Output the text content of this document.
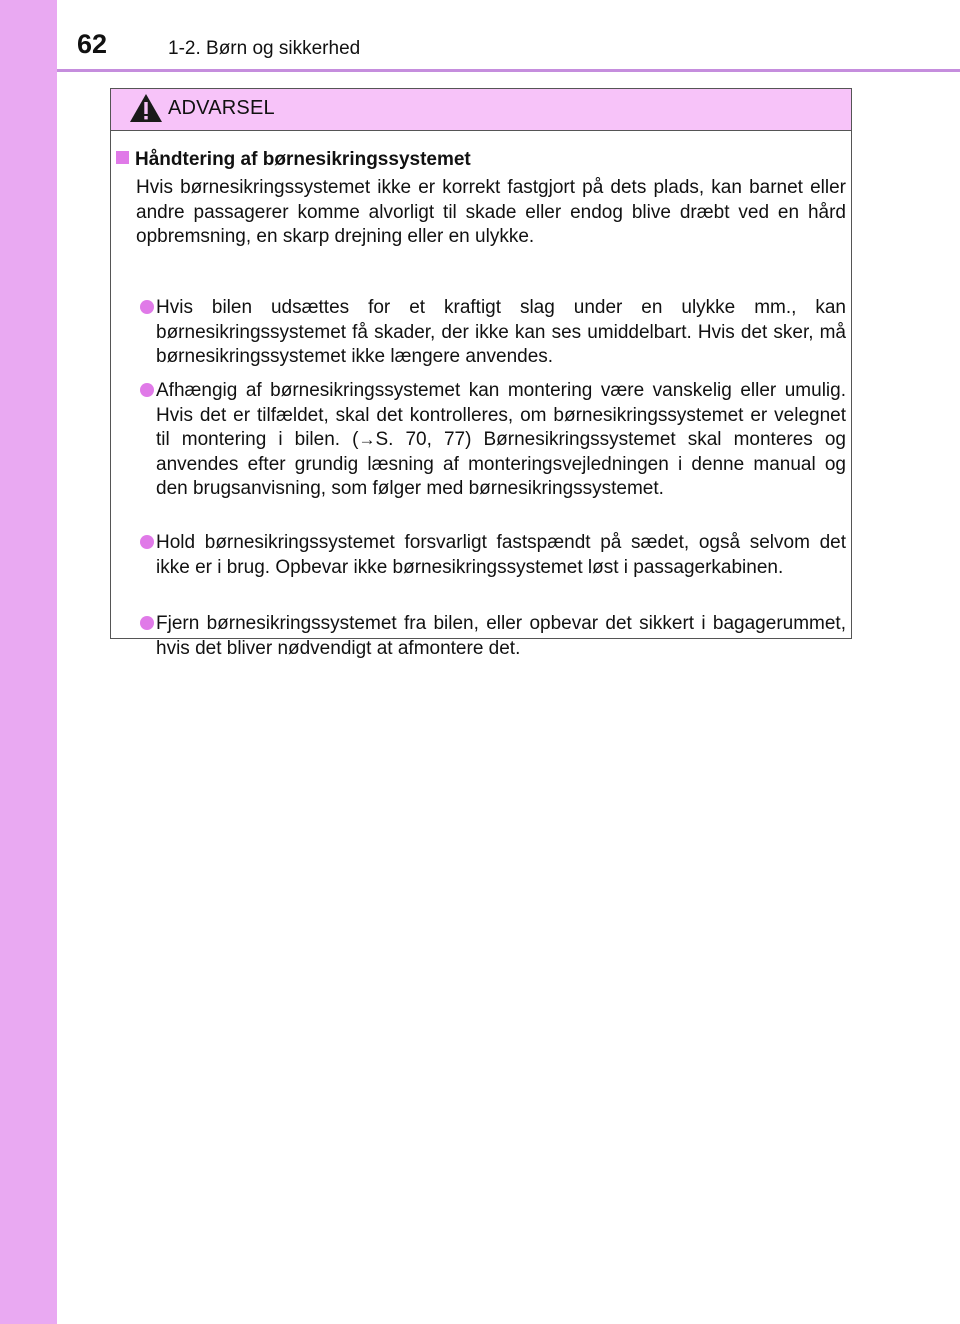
62	1-2. Børn og sikkerhed
ADVARSEL
Håndtering af børnesikringssystemet
Hvis børnesikringssystemet ikke er korrekt fastgjort på dets plads, kan barnet eller andre passagerer komme alvorligt til skade eller endog blive dræbt ved en hård opbremsning, en skarp drejning eller en ulykke.
Hvis bilen udsættes for et kraftigt slag under en ulykke mm., kan børnesikringssystemet få skader, der ikke kan ses umiddelbart. Hvis det sker, må børnesikringssystemet ikke længere anvendes.
Afhængig af børnesikringssystemet kan montering være vanskelig eller umulig. Hvis det er tilfældet, skal det kontrolleres, om børnesikringssystemet er velegnet til montering i bilen. (→S. 70, 77) Børnesikringssystemet skal monteres og anvendes efter grundig læsning af monteringsvejledningen i denne manual og den brugsanvisning, som følger med børnesikringssystemet.
Hold børnesikringssystemet forsvarligt fastspændt på sædet, også selvom det ikke er i brug. Opbevar ikke børnesikringssystemet løst i passagerkabinen.
Fjern børnesikringssystemet fra bilen, eller opbevar det sikkert i bagagerummet, hvis det bliver nødvendigt at afmontere det.
